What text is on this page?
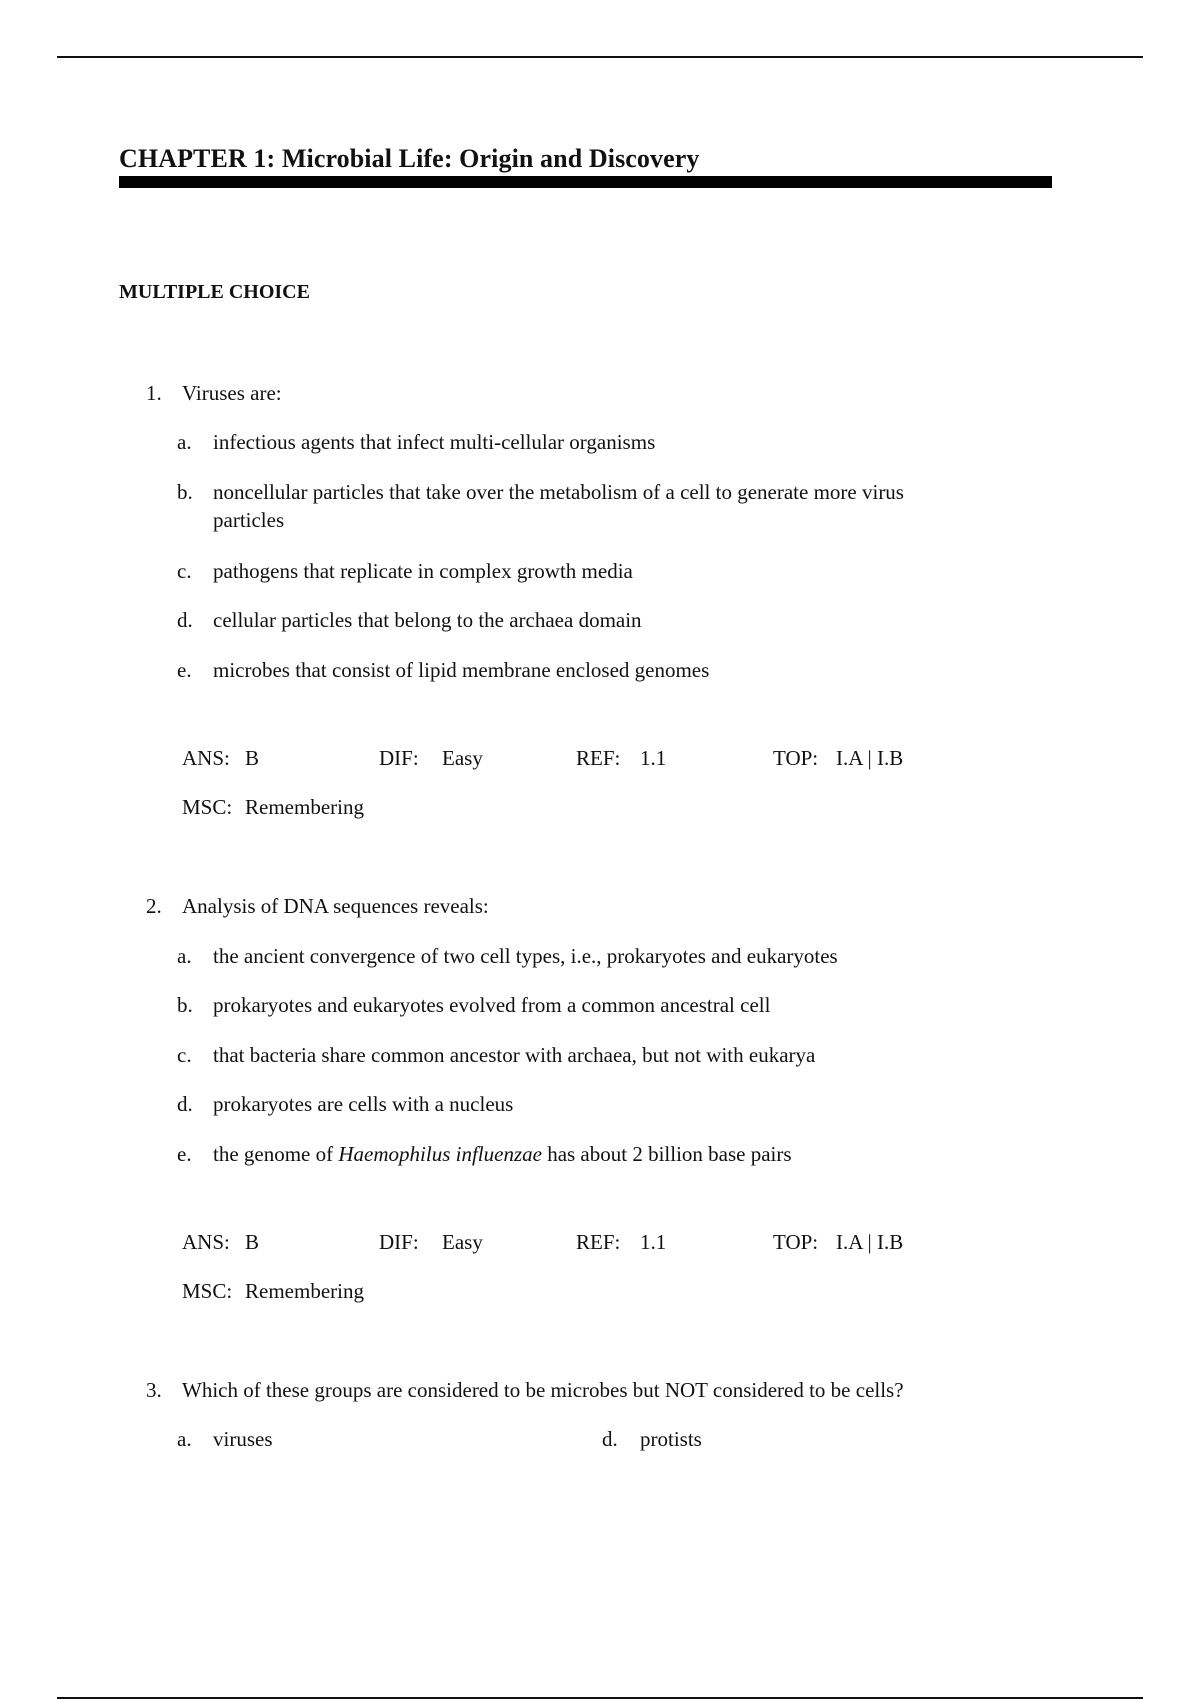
CHAPTER 1: Microbial Life: Origin and Discovery
MULTIPLE CHOICE
1. Viruses are:
a. infectious agents that infect multi-cellular organisms
b. noncellular particles that take over the metabolism of a cell to generate more virus
particles
c. pathogens that replicate in complex growth media
d. cellular particles that belong to the archaea domain
e. microbes that consist of lipid membrane enclosed genomes
ANS: B	DIF: Easy	REF: 1.1	TOP: I.A | I.B
MSC: Remembering
2. Analysis of DNA sequences reveals:
a. the ancient convergence of two cell types, i.e., prokaryotes and eukaryotes
b. prokaryotes and eukaryotes evolved from a common ancestral cell
c. that bacteria share common ancestor with archaea, but not with eukarya
d. prokaryotes are cells with a nucleus
e. the genome of Haemophilus influenzae has about 2 billion base pairs
ANS: B	DIF: Easy	REF: 1.1	TOP: I.A | I.B
MSC: Remembering
3. Which of these groups are considered to be microbes but NOT considered to be cells?
a. viruses	d. protists
